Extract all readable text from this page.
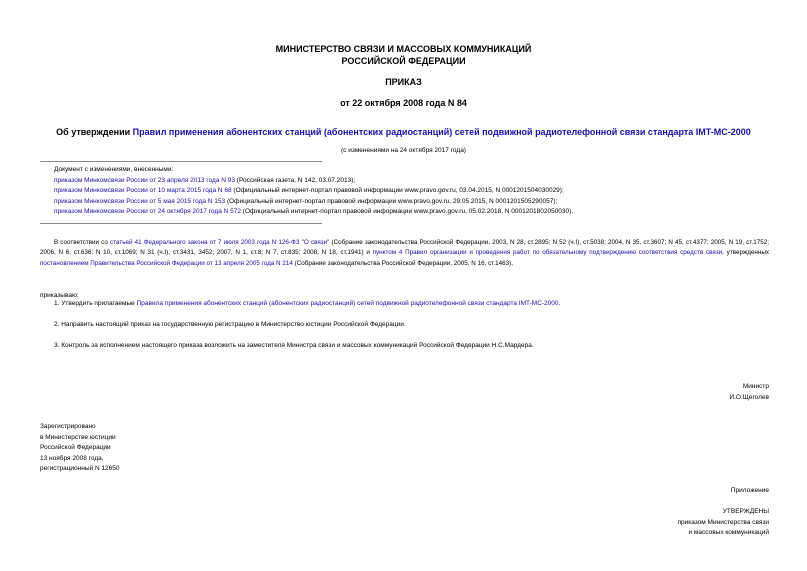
МИНИСТЕРСТВО СВЯЗИ И МАССОВЫХ КОММУНИКАЦИЙ
РОССИЙСКОЙ ФЕДЕРАЦИИ
ПРИКАЗ
от 22 октября 2008 года N 84
Об утверждении Правил применения абонентских станций (абонентских радиостанций) сетей подвижной радиотелефонной связи стандарта IMT-MC-2000
(с изменениями на 24 октября 2017 года)
Документ с изменениями, внесенными:
приказом Минкомсвязи России от 23 апреля 2013 года N 93 (Российская газета, N 142, 03.07.2013);
приказом Минкомсвязи России от 10 марта 2015 года N 68 (Официальный интернет-портал правовой информации www.pravo.gov.ru, 03.04.2015, N 0001201504030029);
приказом Минкомсвязи России от 5 мая 2015 года N 153 (Официальный интернет-портал правовой информации www.pravo.gov.ru, 29.05.2015, N 0001201505290057);
приказом Минкомсвязи России от 24 октября 2017 года N 572 (Официальный интернет-портал правовой информации www.pravo.gov.ru, 05.02.2018, N 0001201802050030).
В соответствии со статьей 41 Федерального закона от 7 июля 2003 года N 126-ФЗ "О связи" (Собрание законодательства Российской Федерации, 2003, N 28, ст.2895; N 52 (ч.I), ст.5038; 2004, N 35, ст.3607; N 45, ст.4377; 2005, N 19, ст.1752; 2006, N 6, ст.636; N 10, ст.1069; N 31 (ч.I), ст.3431, 3452; 2007, N 1, ст.8; N 7, ст.835; 2008, N 18, ст.1941) и пунктом 4 Правил организации и проведения работ по обязательному подтверждению соответствия средств связи, утвержденных постановлением Правительства Российской Федерации от 13 апреля 2005 года N 214 (Собрание законодательства Российской Федерации, 2005, N 16, ст.1463),
приказываю:
1. Утвердить прилагаемые Правила применения абонентских станций (абонентских радиостанций) сетей подвижной радиотелефонной связи стандарта IMT-MC-2000.
2. Направить настоящий приказ на государственную регистрацию в Министерство юстиции Российской Федерации.
3. Контроль за исполнением настоящего приказа возложить на заместителя Министра связи и массовых коммуникаций Российской Федерации Н.С.Мардера.
Министр
И.О.Щеголев
Зарегистрировано
в Министерстве юстиции
Российской Федерации
13 ноября 2008 года,
регистрационный N 12650
Приложение
УТВЕРЖДЕНЫ
приказом Министерства связи
и массовых коммуникаций
